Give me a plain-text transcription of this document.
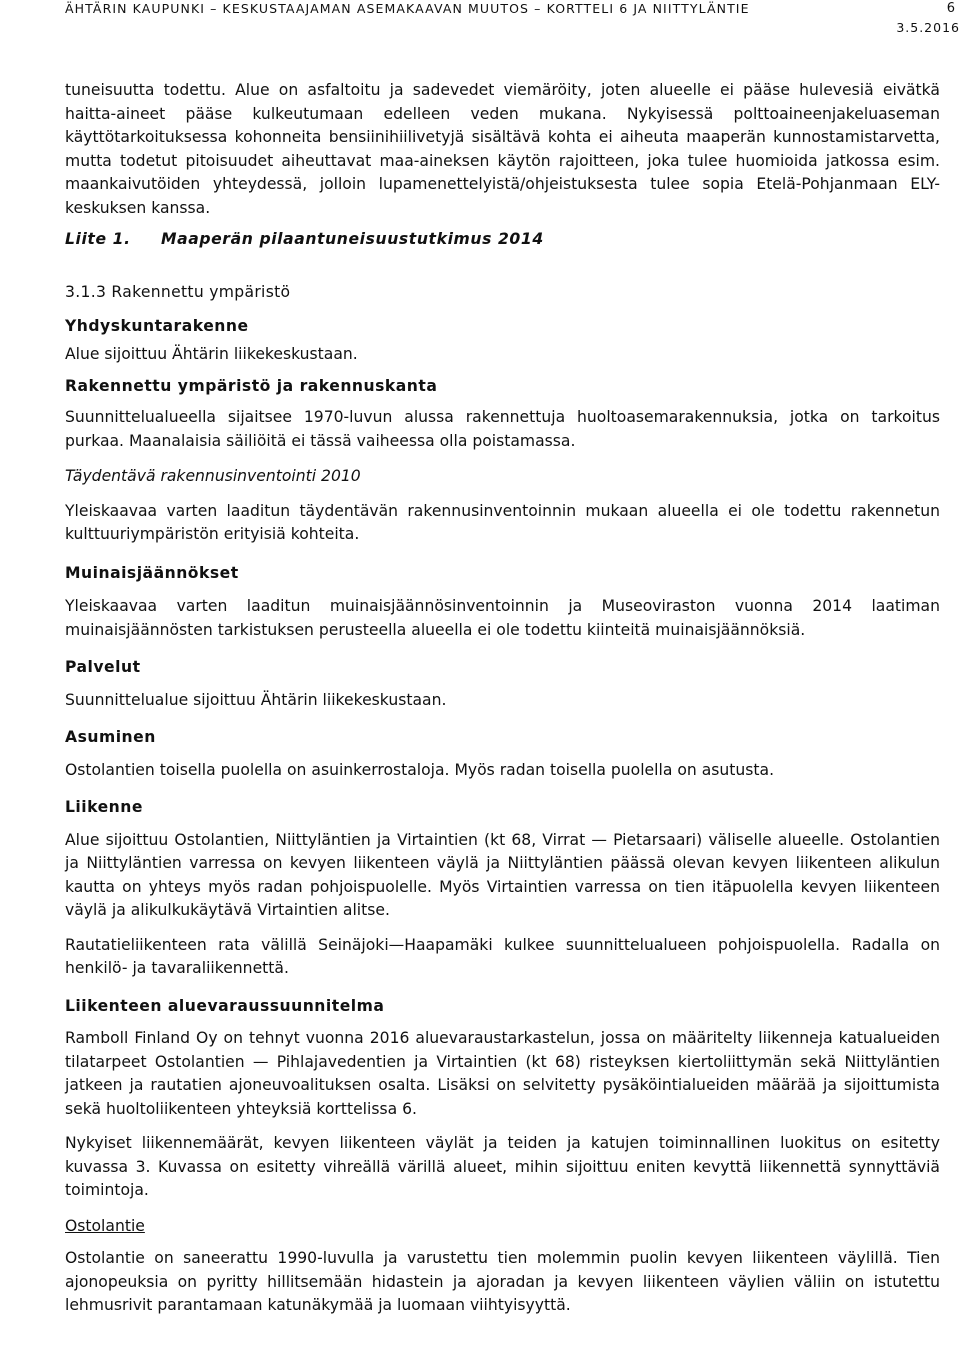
ÄHTÄRIN KAUPUNKI – KESKUSTAAJAMAN ASEMAKAAVAN MUUTOS – KORTTELI 6 JA NIITTYLÄNTIE	6
3.5.2016

tuneisuutta todettu. Alue on asfaltoitu ja sadevedet viemäröity, joten alueelle ei pääse hulevesiä eivätkä haitta-aineet pääse kulkeutumaan edelleen veden mukana. Nykyisessä polttoaineenjakeluaseman käyttötarkoituksessa kohonneita bensiinihiilivetyjä sisältävä kohta ei aiheuta maaperän kunnostamistarvetta, mutta todetut pitoisuudet aiheuttavat maa-aineksen käytön rajoitteen, joka tulee huomioida jatkossa esim. maankaivutöiden yhteydessä, jolloin lupamenettelyistä/ohjeistuksesta tulee sopia Etelä-Pohjanmaan ELY-keskuksen kanssa.

Liite 1. Maaperän pilaantuneisuustutkimus 2014
3.1.3 Rakennettu ympäristö
Yhdyskuntarakenne

Alue sijoittuu Ähtärin liikekeskustaan.

Rakennettu ympäristö ja rakennuskanta

Suunnittelualueella sijaitsee 1970-luvun alussa rakennettuja huoltoasemarakennuksia, jotka on tarkoitus purkaa. Maanalaisia säiliöitä ei tässä vaiheessa olla poistamassa.

Täydentävä rakennusinventointi 2010

Yleiskaavaa varten laaditun täydentävän rakennusinventoinnin mukaan alueella ei ole todettu rakennetun kulttuuriympäristön erityisiä kohteita.

Muinaisjäännökset

Yleiskaavaa varten laaditun muinaisjäännösinventoinnin ja Museoviraston vuonna 2014 laatiman muinaisjäännösten tarkistuksen perusteella alueella ei ole todettu kiinteitä muinaisjäännöksiä.

Palvelut

Suunnittelualue sijoittuu Ähtärin liikekeskustaan.

Asuminen

Ostolantien toisella puolella on asuinkerrostaloja. Myös radan toisella puolella on asutusta.

Liikenne

Alue sijoittuu Ostolantien, Niittyläntien ja Virtaintien (kt 68, Virrat — Pietarsaari) väliselle alueelle. Ostolantien ja Niittyläntien varressa on kevyen liikenteen väylä ja Niittyläntien päässä olevan kevyen liikenteen alikulun kautta on yhteys myös radan pohjoispuolelle. Myös Virtaintien varressa on tien itäpuolella kevyen liikenteen väylä ja alikulkukäytävä Virtaintien alitse.

Rautatieliikenteen rata välillä Seinäjoki—Haapamäki kulkee suunnittelualueen pohjoispuolella. Radalla on henkilö- ja tavaraliikennettä.

Liikenteen aluevaraussuunnitelma

Ramboll Finland Oy on tehnyt vuonna 2016 aluevaraustarkastelun, jossa on määritelty liikenneja katualueiden tilatarpeet Ostolantien — Pihlajavedentien ja Virtaintien (kt 68) risteyksen kiertoliittymän sekä Niittyläntien jatkeen ja rautatien ajoneuvoalituksen osalta. Lisäksi on selvitetty pysäköintialueiden määrää ja sijoittumista sekä huoltoliikenteen yhteyksiä korttelissa 6.

Nykyiset liikennemäärät, kevyen liikenteen väylät ja teiden ja katujen toiminnallinen luokitus on esitetty kuvassa 3. Kuvassa on esitetty vihreällä värillä alueet, mihin sijoittuu eniten kevyttä liikennettä synnyttäviä toimintoja.

Ostolantie

Ostolantie on saneerattu 1990-luvulla ja varustettu tien molemmin puolin kevyen liikenteen väylillä. Tien ajonopeuksia on pyritty hillitsemään hidastein ja ajoradan ja kevyen liikenteen väylien väliin on istutettu lehmusrivit parantamaan katunäkymää ja luomaan viihtyisyyttä.
